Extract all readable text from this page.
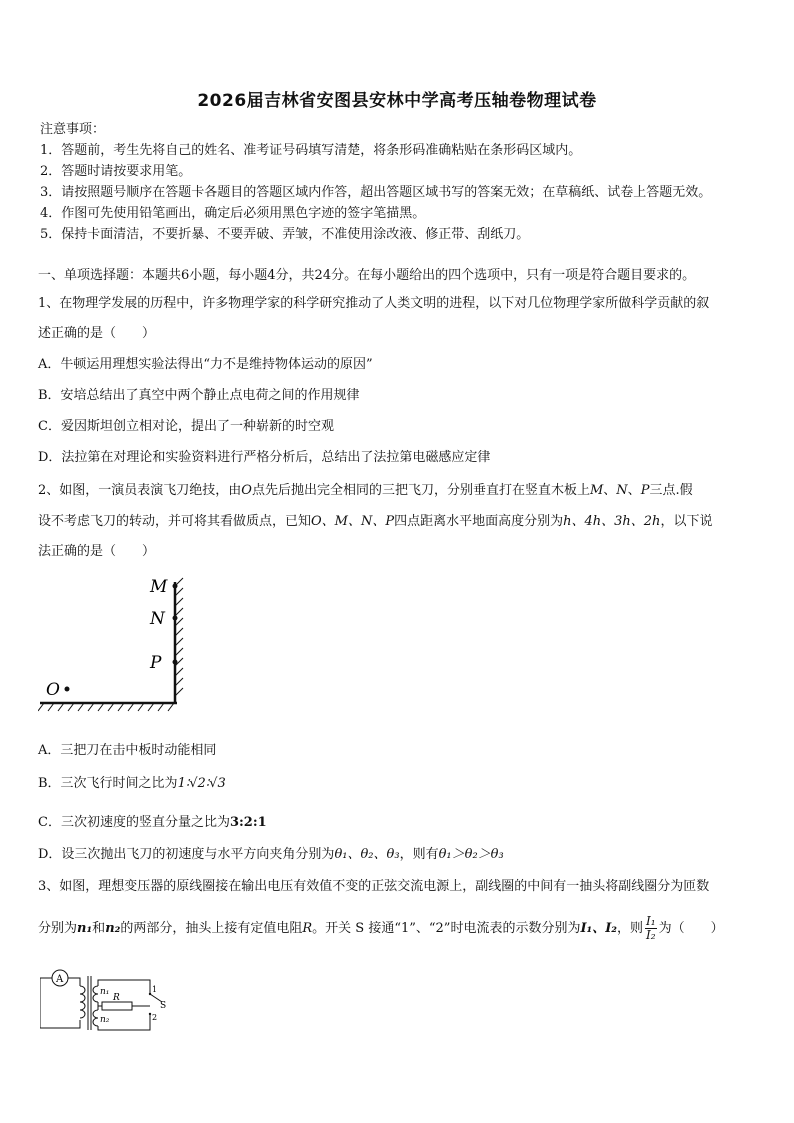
2026届吉林省安图县安林中学高考压轴卷物理试卷
注意事项：
1．答题前，考生先将自己的姓名、准考证号码填写清楚，将条形码准确粘贴在条形码区域内。
2．答题时请按要求用笔。
3．请按照题号顺序在答题卡各题目的答题区域内作答，超出答题区域书写的答案无效；在草稿纸、试卷上答题无效。
4．作图可先使用铅笔画出，确定后必须用黑色字迹的签字笔描黑。
5．保持卡面清洁，不要折暴、不要弄破、弄皱，不准使用涂改液、修正带、刮纸刀。
一、单项选择题：本题共6小题，每小题4分，共24分。在每小题给出的四个选项中，只有一项是符合题目要求的。
1、在物理学发展的历程中，许多物理学家的科学研究推动了人类文明的进程，以下对几位物理学家所做科学贡献的叙
述正确的是（　　）
A．牛顿运用理想实验法得出“力不是维持物体运动的原因”
B．安培总结出了真空中两个静止点电荷之间的作用规律
C．爱因斯坦创立相对论，提出了一种崭新的时空观
D．法拉第在对理论和实验资料进行严格分析后，总结出了法拉第电磁感应定律
2、如图，一演员表演飞刀绝技，由O点先后抛出完全相同的三把飞刀，分别垂直打在竖直木板上M、N、P三点.假
设不考虑飞刀的转动，并可将其看做质点，已知O、M、N、P四点距离水平地面高度分别为h、4h、3h、2h，以下说
法正确的是（　　）
M
N
P
O
A．三把刀在击中板时动能相同
B．三次飞行时间之比为1∶√2∶√3
C．三次初速度的竖直分量之比为3:2:1
D．设三次抛出飞刀的初速度与水平方向夹角分别为θ₁、θ₂、θ₃，则有θ₁＞θ₂＞θ₃
3、如图，理想变压器的原线圈接在输出电压有效值不变的正弦交流电源上，副线圈的中间有一抽头将副线圈分为匝数
分别为n₁和n₂的两部分，抽头上接有定值电阻R。开关 S 接通“1”、“2”时电流表的示数分别为I₁、I₂，则 $\frac{\text{I₁}}{\text{I₂}}$ 为（　　）
A
n₁
n₂
R
1
2
S
